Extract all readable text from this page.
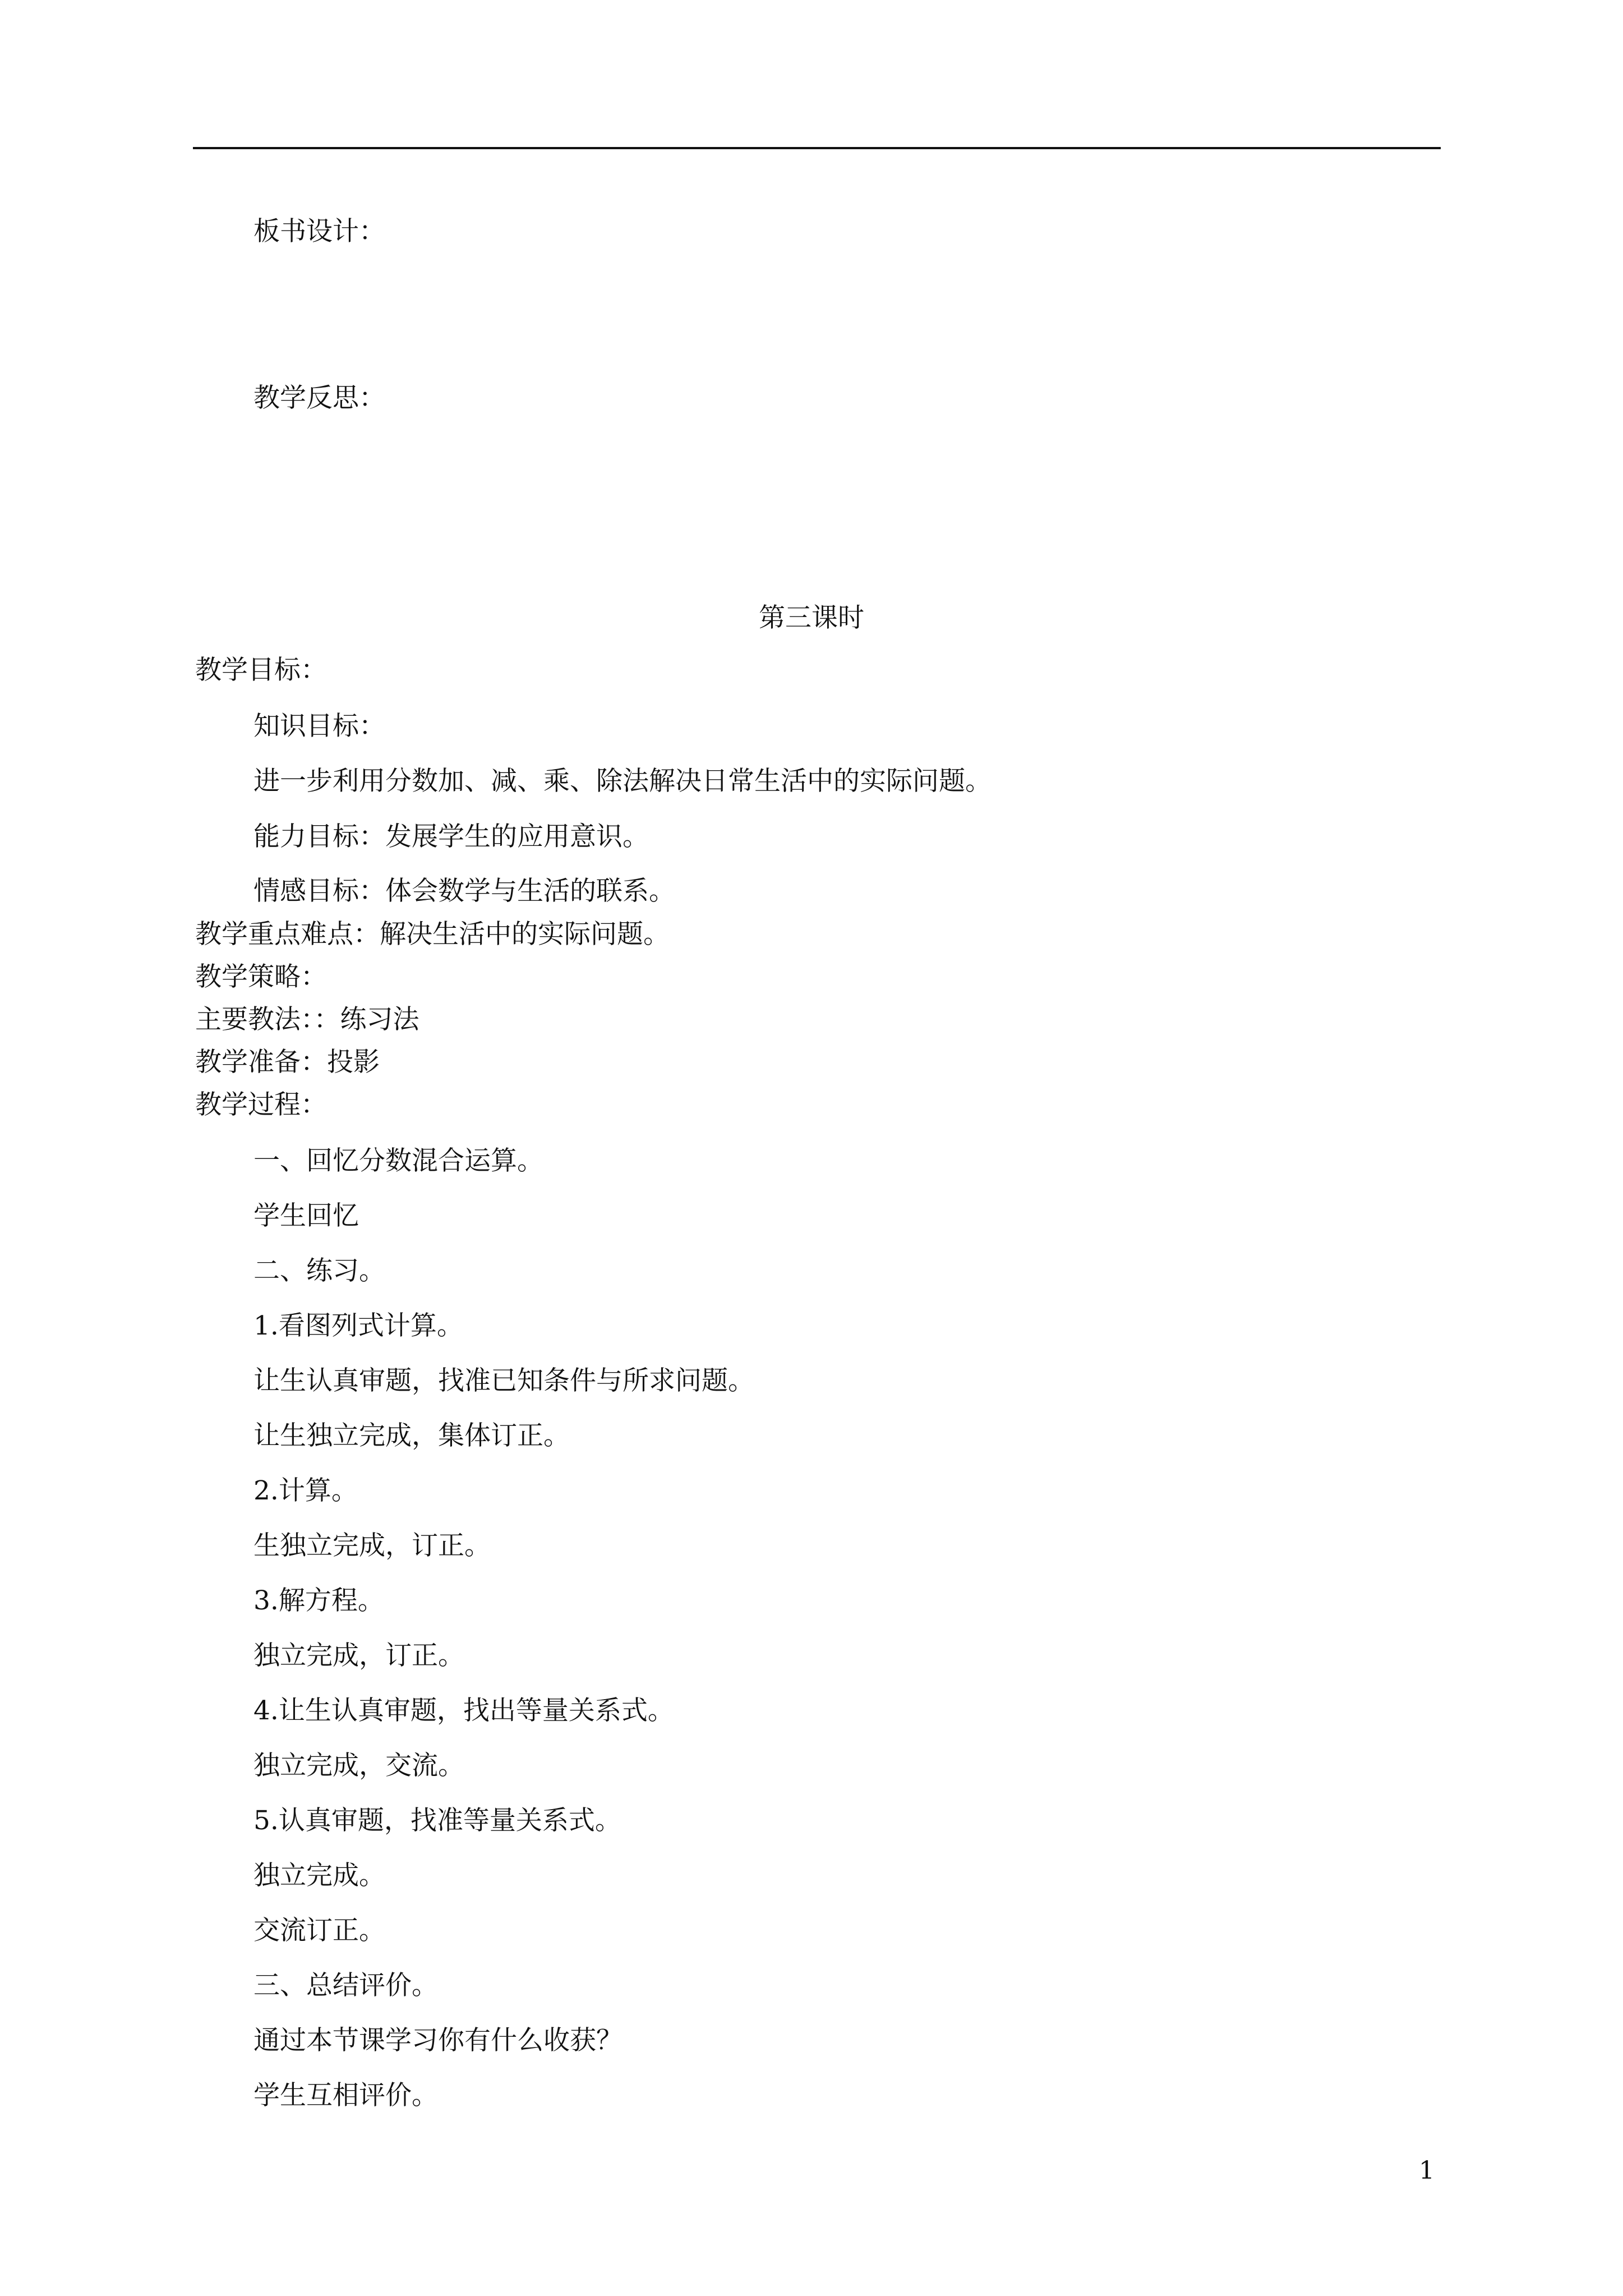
板书设计：
教学反思：
第三课时
教学目标：
知识目标：
进一步利用分数加、减、乘、除法解决日常生活中的实际问题。
能力目标：发展学生的应用意识。
情感目标：体会数学与生活的联系。
教学重点难点：解决生活中的实际问题。
教学策略：
主要教法：：练习法
教学准备：投影
教学过程：
一、回忆分数混合运算。
学生回忆
二、练习。
1.看图列式计算。
让生认真审题，找准已知条件与所求问题。
让生独立完成，集体订正。
2.计算。
生独立完成，订正。
3.解方程。
独立完成，订正。
4.让生认真审题，找出等量关系式。
独立完成，交流。
5.认真审题，找准等量关系式。
独立完成。
交流订正。
三、总结评价。
通过本节课学习你有什么收获？
学生互相评价。
1
